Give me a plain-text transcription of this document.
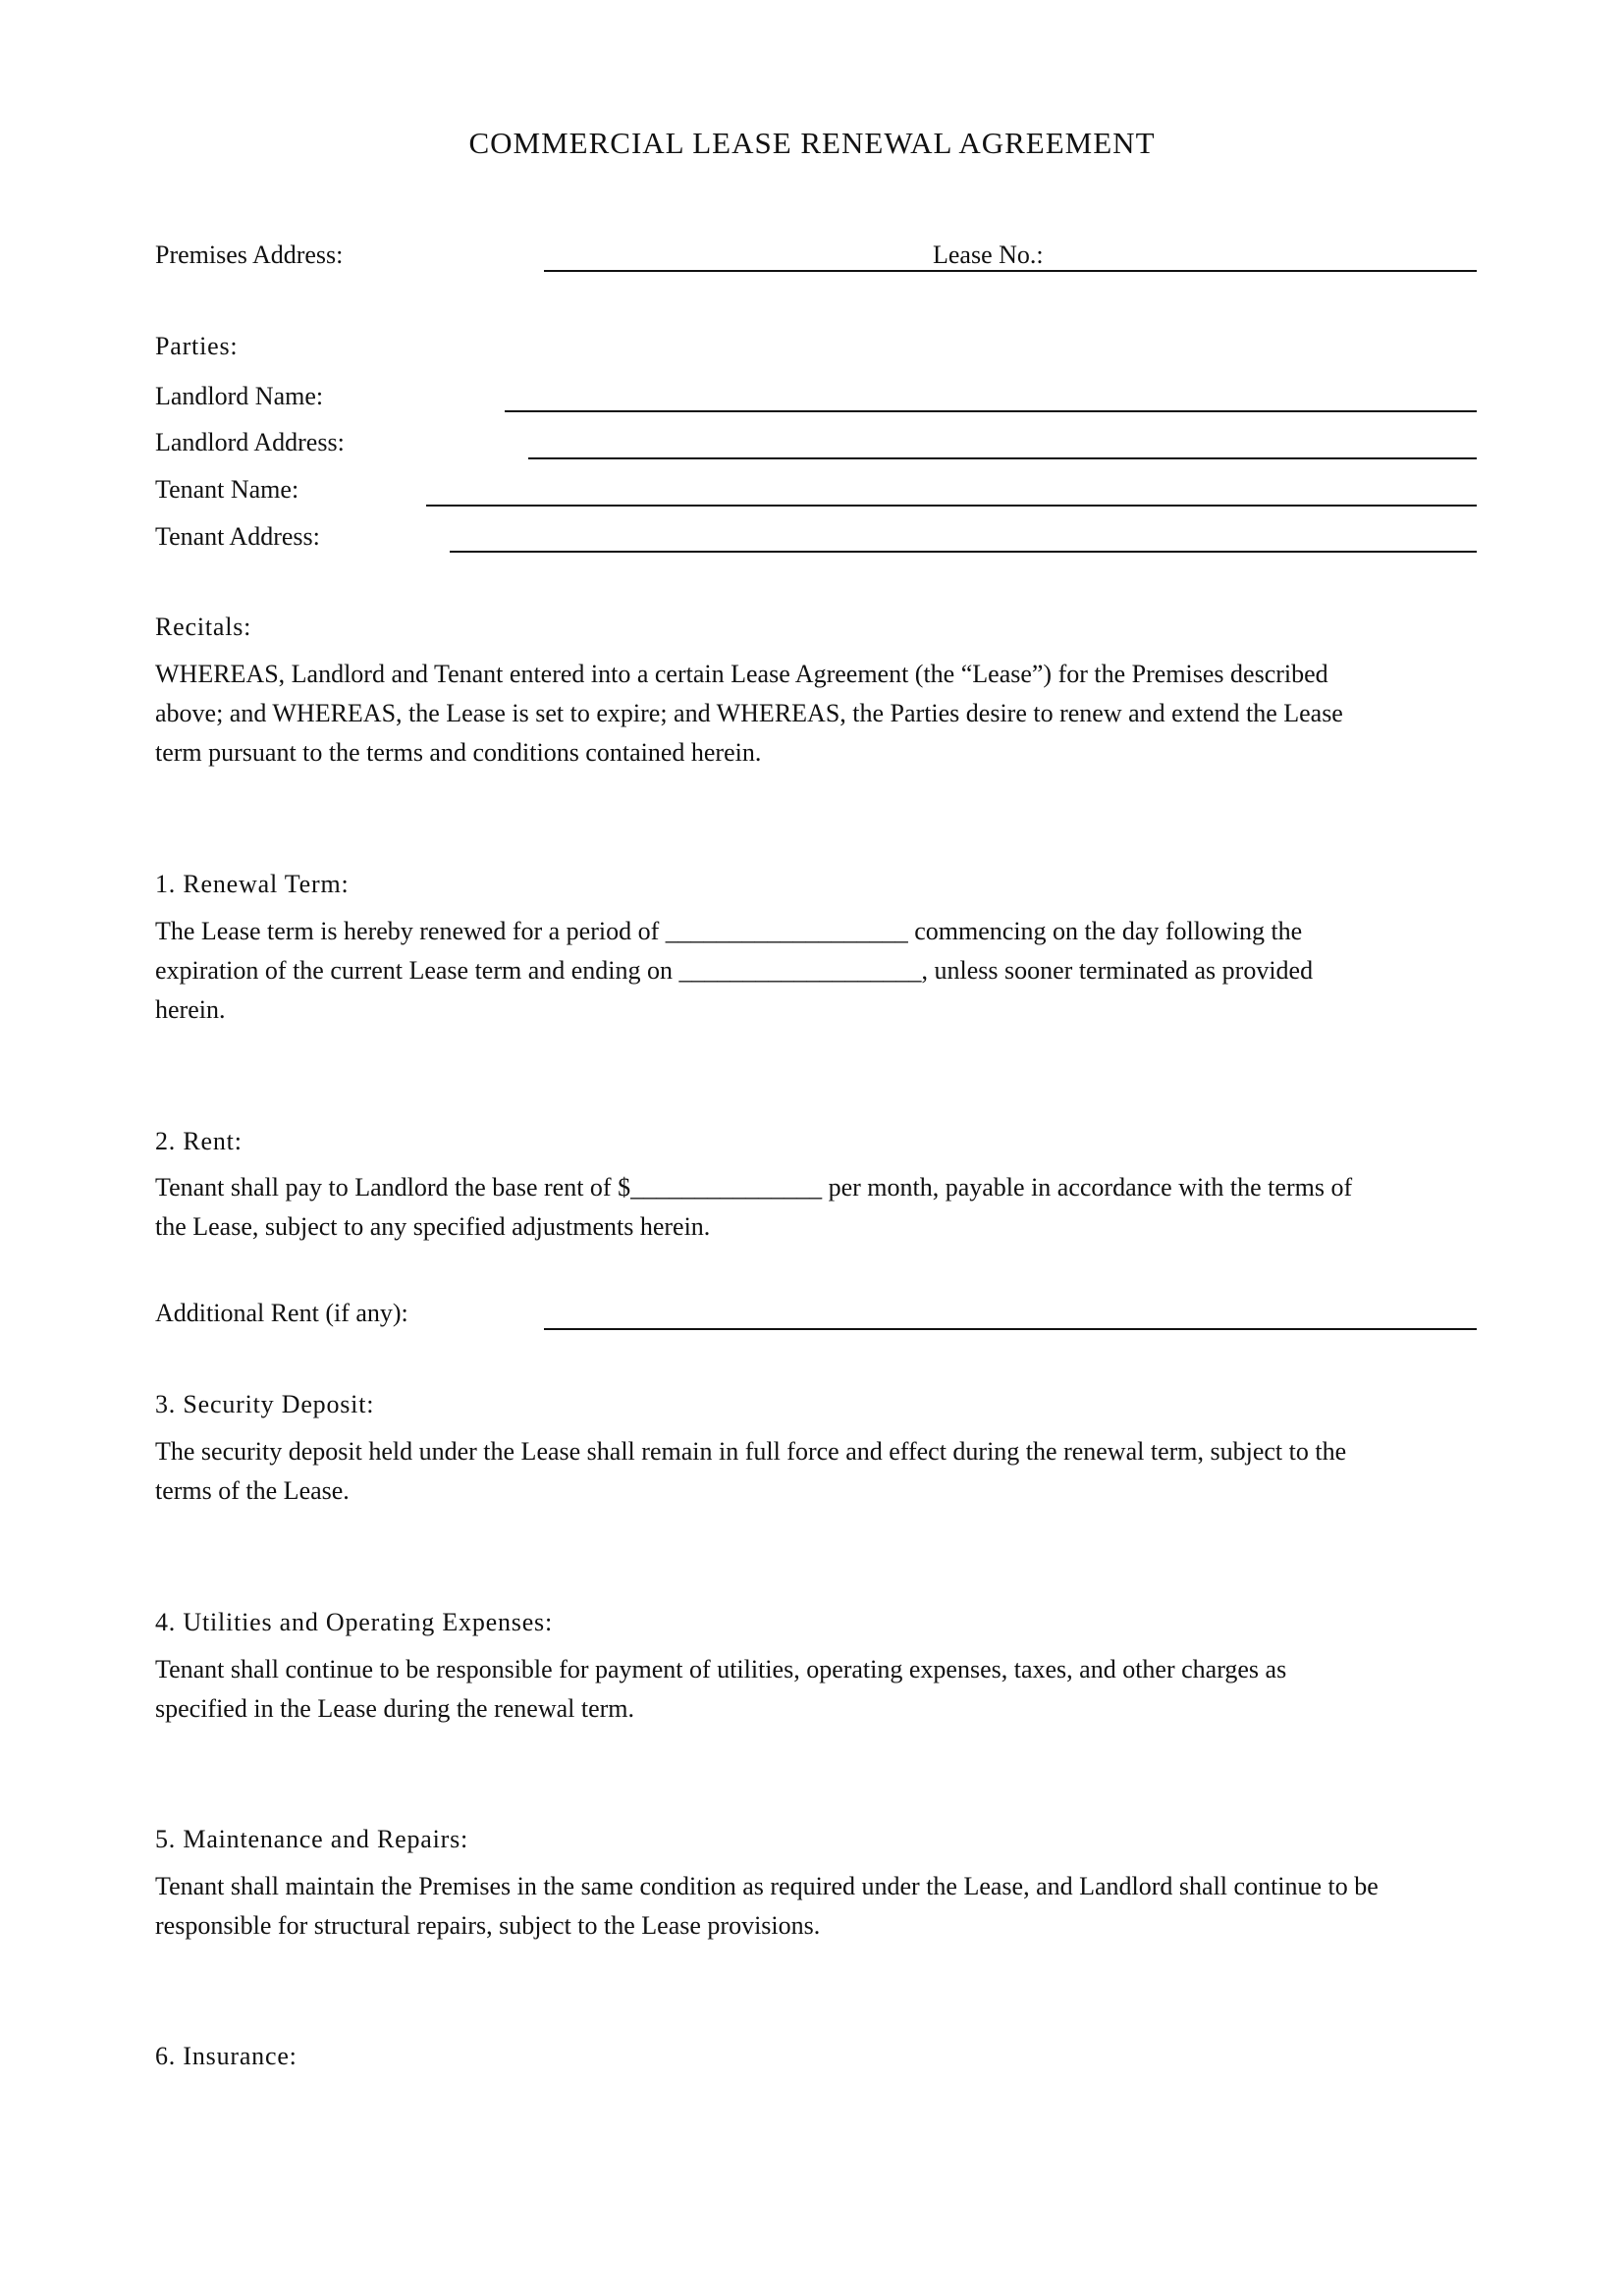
COMMERCIAL LEASE RENEWAL AGREEMENT
Premises Address:	Lease No.:
Parties:
Landlord Name:
Landlord Address:
Tenant Name:
Tenant Address:
Recitals:
WHEREAS, Landlord and Tenant entered into a certain Lease Agreement (the “Lease”) for the Premises described
above; and WHEREAS, the Lease is set to expire; and WHEREAS, the Parties desire to renew and extend the Lease
term pursuant to the terms and conditions contained herein.
1. Renewal Term:
The Lease term is hereby renewed for a period of ___________________ commencing on the day following the
expiration of the current Lease term and ending on ___________________, unless sooner terminated as provided
herein.
2. Rent:
Tenant shall pay to Landlord the base rent of $_______________ per month, payable in accordance with the terms of
the Lease, subject to any specified adjustments herein.
Additional Rent (if any):
3. Security Deposit:
The security deposit held under the Lease shall remain in full force and effect during the renewal term, subject to the
terms of the Lease.
4. Utilities and Operating Expenses:
Tenant shall continue to be responsible for payment of utilities, operating expenses, taxes, and other charges as
specified in the Lease during the renewal term.
5. Maintenance and Repairs:
Tenant shall maintain the Premises in the same condition as required under the Lease, and Landlord shall continue to be
responsible for structural repairs, subject to the Lease provisions.
6. Insurance:
